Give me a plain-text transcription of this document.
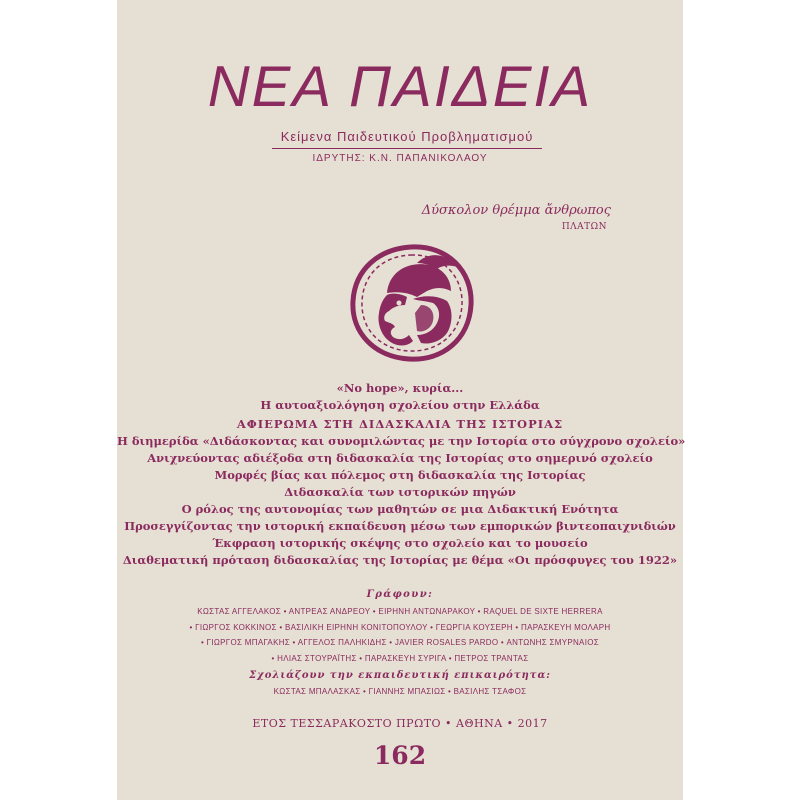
ΝΕΑ ΠΑΙΔΕΙΑ
Κείμενα Παιδευτικού Προβληματισμού
ΙΔΡΥΤΗΣ: Κ.Ν. ΠΑΠΑΝΙΚΟΛΑΟΥ
Δύσκολον θρέμμα ἄνθρωπος
ΠΛΑΤΩΝ
«No hope», κυρία...
Η αυτοαξιολόγηση σχολείου στην Ελλάδα
ΑΦΙΕΡΩΜΑ ΣΤΗ ΔΙΔΑΣΚΑΛΙΑ ΤΗΣ ΙΣΤΟΡΙΑΣ
Η διημερίδα «Διδάσκοντας και συνομιλώντας με την Ιστορία στο σύγχρονο σχολείο»
Ανιχνεύοντας αδιέξοδα στη διδασκαλία της Ιστορίας στο σημερινό σχολείο
Μορφές βίας και πόλεμος στη διδασκαλία της Ιστορίας
Διδασκαλία των ιστορικών πηγών
Ο ρόλος της αυτονομίας των μαθητών σε μια Διδακτική Ενότητα
Προσεγγίζοντας την ιστορική εκπαίδευση μέσω των εμπορικών βιντεοπαιχνιδιών
Έκφραση ιστορικής σκέψης στο σχολείο και το μουσείο
Διαθεματική πρόταση διδασκαλίας της Ιστορίας με θέμα «Οι πρόσφυγες του 1922»
Γράφουν:
ΚΩΣΤΑΣ ΑΓΓΕΛΑΚΟΣ • ΑΝΤΡΕΑΣ ΑΝΔΡΕΟΥ • ΕΙΡΗΝΗ ΑΝΤΩΝΑΡΑΚΟΥ • RAQUEL DE SIXTE HERRERA
• ΓΙΩΡΓΟΣ ΚΟΚΚΙΝΟΣ • ΒΑΣΙΛΙΚΗ ΕΙΡΗΝΗ ΚΟΝΙΤΟΠΟΥΛΟΥ • ΓΕΩΡΓΙΑ ΚΟΥΣΕΡΗ • ΠΑΡΑΣΚΕΥΗ ΜΟΛΑΡΗ
• ΓΙΩΡΓΟΣ ΜΠΑΓΑΚΗΣ • ΑΓΓΕΛΟΣ ΠΑΛΗΚΙΔΗΣ • JAVIER ROSALES PARDO • ΑΝΤΩΝΗΣ ΣΜΥΡΝΑΙΟΣ
• ΗΛΙΑΣ ΣΤΟΥΡΑΪΤΗΣ • ΠΑΡΑΣΚΕΥΗ ΣΥΡΙΓΑ • ΠΕΤΡΟΣ ΤΡΑΝΤΑΣ
Σχολιάζουν την εκπαιδευτική επικαιρότητα:
ΚΩΣΤΑΣ ΜΠΑΛΑΣΚΑΣ • ΓΙΑΝΝΗΣ ΜΠΑΣΙΩΣ • ΒΑΣΙΛΗΣ ΤΣΑΦΟΣ
ΕΤΟΣ ΤΕΣΣΑΡΑΚΟΣΤΟ ΠΡΩΤΟ • ΑΘΗΝΑ • 2017
162
